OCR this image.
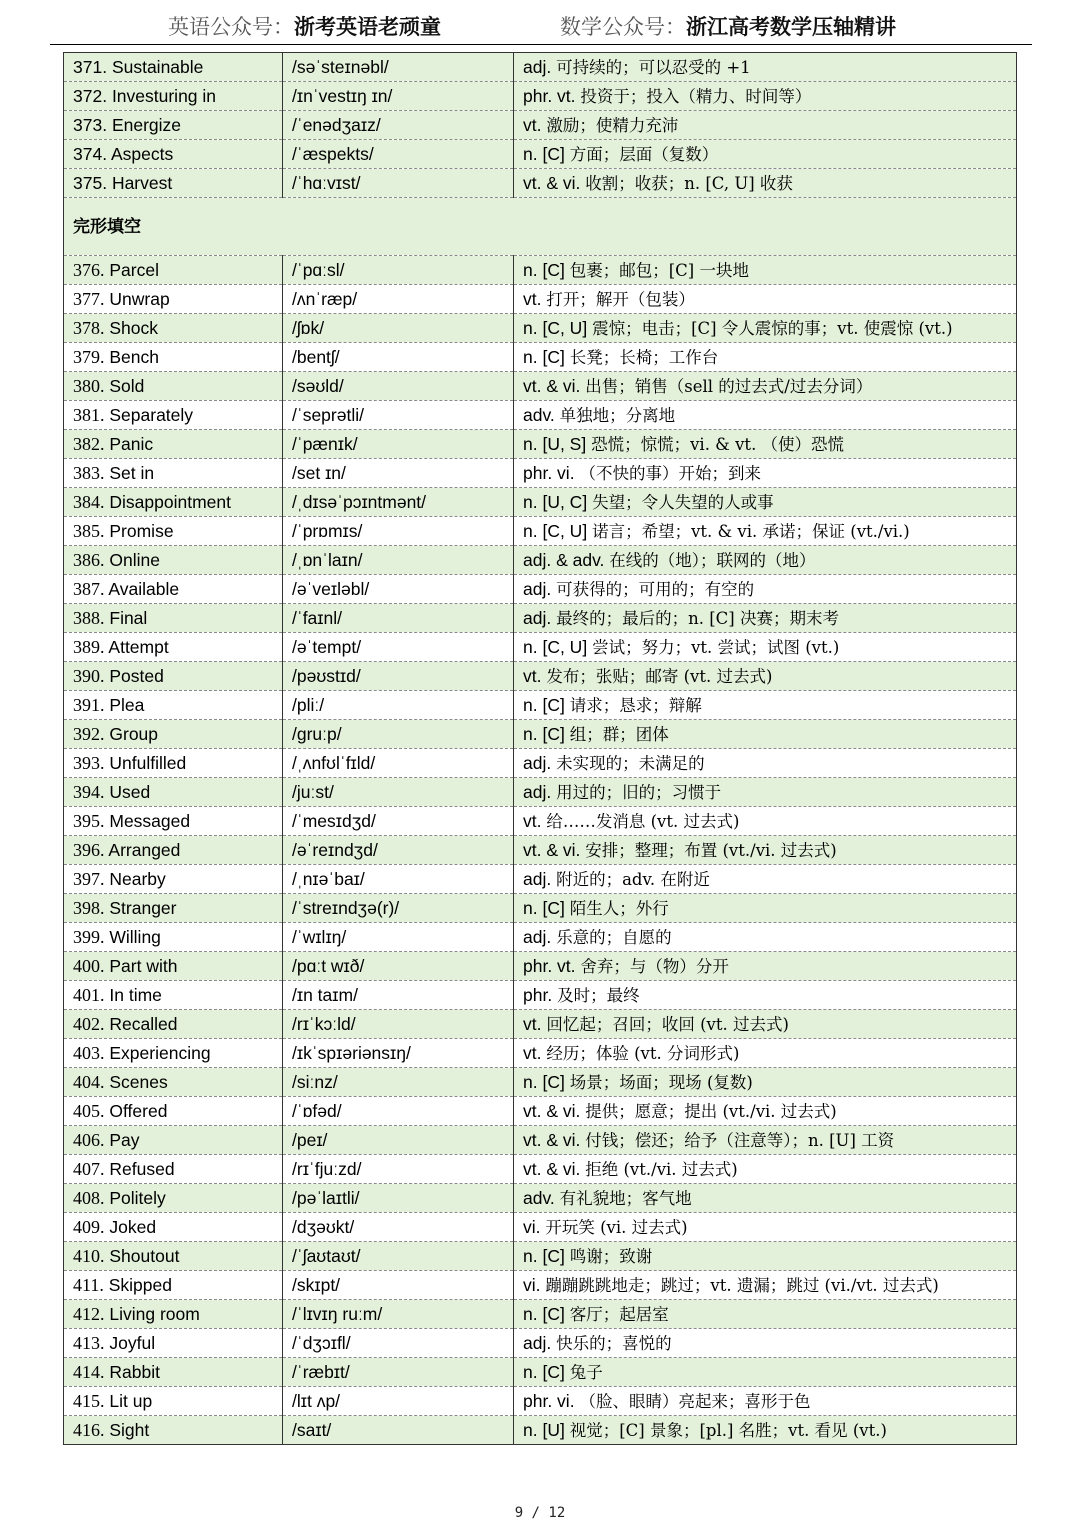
英语公众号：浙考英语老顽童	数学公众号：浙江高考数学压轴精讲
371. Sustainable	/səˈsteɪnəbl/	adj. 可持续的；可以忍受的 +1
372. Investuring in	/ɪnˈvestɪŋ ɪn/	phr. vt. 投资于；投入（精力、时间等）
373. Energize	/ˈenədʒaɪz/	vt. 激励；使精力充沛
374. Aspects	/ˈæspekts/	n. [C] 方面；层面（复数）
375. Harvest	/ˈhɑːvɪst/	vt. & vi. 收割；收获；n. [C, U] 收获
完形填空		
376. Parcel	/ˈpɑːsl/	n. [C] 包裹；邮包；[C] 一块地
377. Unwrap	/ʌnˈræp/	vt. 打开；解开（包装）
378. Shock	/ʃɒk/	n. [C, U] 震惊；电击；[C] 令人震惊的事；vt. 使震惊 (vt.)
379. Bench	/bentʃ/	n. [C] 长凳；长椅；工作台
380. Sold	/səʊld/	vt. & vi. 出售；销售（sell 的过去式/过去分词）
381. Separately	/ˈseprətli/	adv. 单独地；分离地
382. Panic	/ˈpænɪk/	n. [U, S] 恐慌；惊慌；vi. & vt. （使）恐慌
383. Set in	/set ɪn/	phr. vi. （不快的事）开始；到来
384. Disappointment	/ˌdɪsəˈpɔɪntmənt/	n. [U, C] 失望；令人失望的人或事
385. Promise	/ˈprɒmɪs/	n. [C, U] 诺言；希望；vt. & vi. 承诺；保证 (vt./vi.)
386. Online	/ˌɒnˈlaɪn/	adj. & adv. 在线的（地）；联网的（地）
387. Available	/əˈveɪləbl/	adj. 可获得的；可用的；有空的
388. Final	/ˈfaɪnl/	adj. 最终的；最后的；n. [C] 决赛；期末考
389. Attempt	/əˈtempt/	n. [C, U] 尝试；努力；vt. 尝试；试图 (vt.)
390. Posted	/pəʊstɪd/	vt. 发布；张贴；邮寄 (vt. 过去式)
391. Plea	/pliː/	n. [C] 请求；恳求；辩解
392. Group	/ɡruːp/	n. [C] 组；群；团体
393. Unfulfilled	/ˌʌnfʊlˈfɪld/	adj. 未实现的；未满足的
394. Used	/juːst/	adj. 用过的；旧的；习惯于
395. Messaged	/ˈmesɪdʒd/	vt. 给……发消息 (vt. 过去式)
396. Arranged	/əˈreɪndʒd/	vt. & vi. 安排；整理；布置 (vt./vi. 过去式)
397. Nearby	/ˌnɪəˈbaɪ/	adj. 附近的；adv. 在附近
398. Stranger	/ˈstreɪndʒə(r)/	n. [C] 陌生人；外行
399. Willing	/ˈwɪlɪŋ/	adj. 乐意的；自愿的
400. Part with	/pɑːt wɪð/	phr. vt. 舍弃；与（物）分开
401. In time	/ɪn taɪm/	phr. 及时；最终
402. Recalled	/rɪˈkɔːld/	vt. 回忆起；召回；收回 (vt. 过去式)
403. Experiencing	/ɪkˈspɪəriənsɪŋ/	vt. 经历；体验 (vt. 分词形式)
404. Scenes	/siːnz/	n. [C] 场景；场面；现场 (复数)
405. Offered	/ˈɒfəd/	vt. & vi. 提供；愿意；提出 (vt./vi. 过去式)
406. Pay	/peɪ/	vt. & vi. 付钱；偿还；给予（注意等）；n. [U] 工资
407. Refused	/rɪˈfjuːzd/	vt. & vi. 拒绝 (vt./vi. 过去式)
408. Politely	/pəˈlaɪtli/	adv. 有礼貌地；客气地
409. Joked	/dʒəʊkt/	vi. 开玩笑 (vi. 过去式)
410. Shoutout	/ˈʃaʊtaʊt/	n. [C] 鸣谢；致谢
411. Skipped	/skɪpt/	vi. 蹦蹦跳跳地走；跳过；vt. 遗漏；跳过 (vi./vt. 过去式)
412. Living room	/ˈlɪvɪŋ ruːm/	n. [C] 客厅；起居室
413. Joyful	/ˈdʒɔɪfl/	adj. 快乐的；喜悦的
414. Rabbit	/ˈræbɪt/	n. [C] 兔子
415. Lit up	/lɪt ʌp/	phr. vi. （脸、眼睛）亮起来；喜形于色
416. Sight	/saɪt/	n. [U] 视觉；[C] 景象；[pl.] 名胜；vt. 看见 (vt.)
9 / 12
